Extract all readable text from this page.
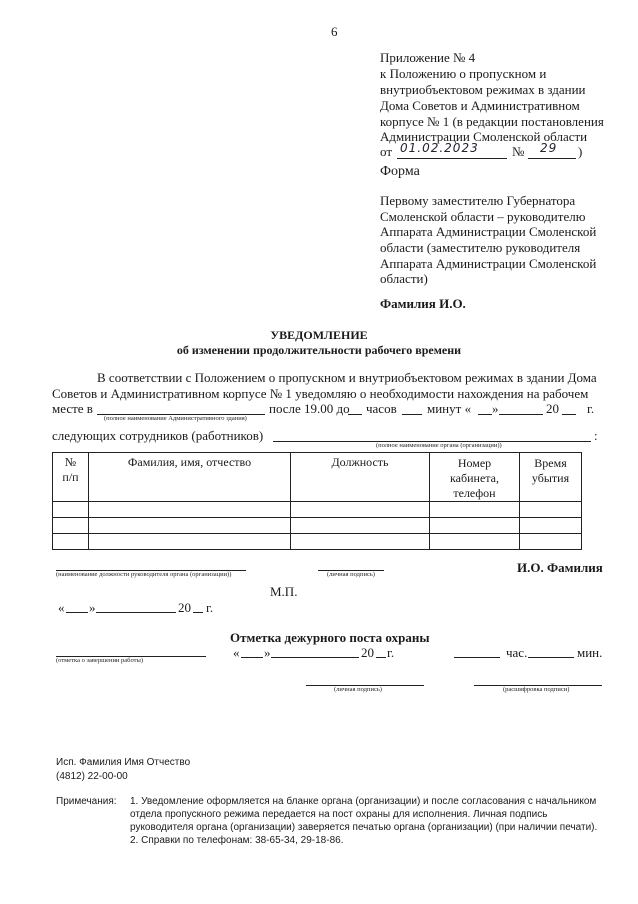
6
Приложение № 4
к Положению о пропускном и
внутриобъектовом режимах в здании
Дома Советов и Административном
корпусе № 1 (в редакции постановления
Администрации Смоленской области
от 01.02.2023	№ 29 )
Форма
Первому заместителю Губернатора
Смоленской области – руководителю
Аппарата Администрации Смоленской
области (заместителю руководителя
Аппарата Администрации Смоленской
области)
Фамилия И.О.
УВЕДОМЛЕНИЕ
об изменении продолжительности рабочего времени
В соответствии с Положением о пропускном и внутриобъектовом режимах в здании Дома
Советов и Административном корпусе № 1 уведомляю о необходимости нахождения на рабочем
месте в
(полное наименование Административного здания)
после 19.00 до часов минут « »	20 г.
следующих сотрудников (работников)	:
(полное наименование органа (организации))
№ п/п	Фамилия, имя, отчество	Должность	Номер кабинета, телефон	Время убытия

(наименование должности руководителя органа (организации))	(личная подпись)	И.О. Фамилия
М.П.
« »	20 г.
Отметка дежурного поста охраны
(отметка о завершении работы)
« »	20 г.	час.	мин.
(личная подпись)	(расшифровка подписи)
Исп. Фамилия Имя Отчество
(4812) 22-00-00
Примечания: 1. Уведомление оформляется на бланке органа (организации) и после согласования с начальником
отдела пропускного режима передается на пост охраны для исполнения. Личная подпись
руководителя органа (организации) заверяется печатью органа (организации) (при наличии печати).
2. Справки по телефонам: 38-65-34, 29-18-86.
